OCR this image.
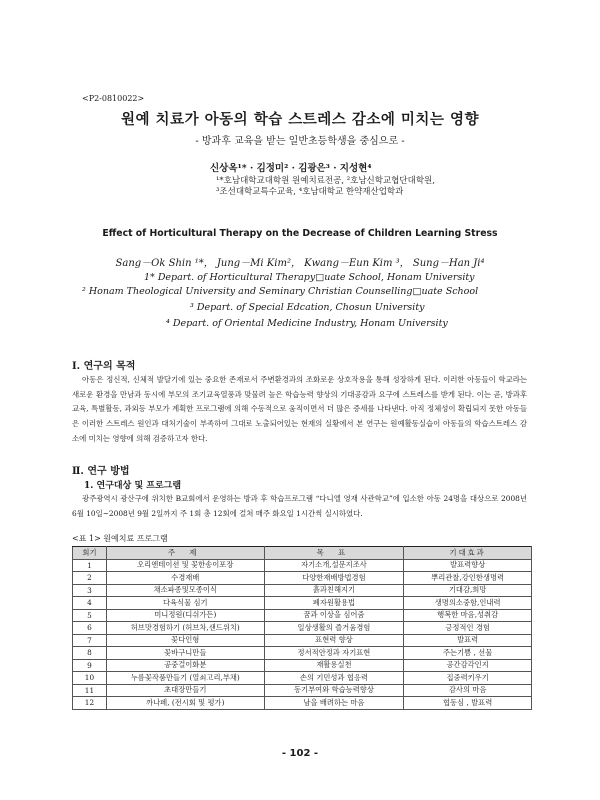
<P2-0810022>
원예 치료가 아동의 학습 스트레스 감소에 미치는 영향
- 방과후 교육을 받는 일반초등학생을 중심으로 -
신상옥¹* · 김정미² · 김광은³ · 지성현⁴
¹*호남대학교대학원 원예치료전공, ²호남신학교협단대학원,
³조선대학교특수교육, ⁴호남대학교 한약재산업학과
Effect of Horticultural Therapy on the Decrease of Children Learning Stress
Sang－Ok Shin ¹*， Jung－Mi Kim²， Kwang－Eun Kim ³， Sung－Han Ji⁴
1* Depart. of Horticultural Therapy□uate School, Honam University
² Honam Theological University and Seminary Christian Counselling□uate School
³ Depart. of Special Edcation, Chosun University
⁴ Depart. of Oriental Medicine Industry, Honam University
Ⅰ. 연구의 목적
아동은 정신적, 신체적 발달기에 있는 중요한 존재로서 주변환경과의 조화로운 상호작용을 통해 성장하게 된다. 이러한 아동들이 학교라는 새로운 환경을 만남과 동시에 부모의 조기교육열풍과 맞물려 높은 학습능력 향상의 기대공감과 요구에 스트레스를 받게 된다. 이는 곧, 방과후 교육, 특별활동, 과외등 부모가 계획한 프로그램에 의해 수동적으로 움직이면서 더 많은 증세를 나타낸다. 아직 정체성이 확립되지 못한 아동들은 이러한 스트레스 원인과 대처기술이 부족하여 그대로 노출되어있는 현재의 실황에서 본 연구는 원예활동실습이 아동들의 학습스트레스 감소에 미치는 영향에 의해 검증하고자 한다.
Ⅱ. 연구 방법
1. 연구대상 및 프로그램
광주광역시 광산구에 위치한 B교회에서 운영하는 방과 후 학습프로그램 “다니엘 영재 사관학교”에 입소한 아동 24명을 대상으로 2008년 6월 10일~2008년 9월 2일까지 주 1회 총 12회에 걸쳐 매주 화요일 1시간씩 실시하였다.
<표 1> 원예치료 프로그램
회기	주 제	목 표	기대효과
1	오리엔테이션 및 꽃한송이포장	자기소개,설문지조사	발표력향상
2	수경재배	다양한재배방법경험	뿌리관찰,강인한생명력
3	채소파종및모종이식	흙과친해지기	기대감,희망
4	다육식물 심기	폐자원활용법	생명의소중함,인내력
5	미니정원(디쉬가든)	꿈과 이상을 심어줌	행복한 마음,성취감
6	허브맛경험하기 (허브차,샌드위치)	일상생활의 즐거움경험	긍정적인 경험
7	꽃다인형	표현력 향상	발표력
8	꽃바구니만들	정서적안정과 자기표현	주는기쁨 , 선물
9	공중걸이화분	재활용실천	공간감각인지
10	누름꽃작품만들기 (열쇠고리,부채)	손의 기민성과 협응력	집중력키우기
11	초대장만들기	동기부여와 학습능력향상	감사의 마음
12	까나페, (전시회 및 평가)	남을 배려하는 마음	협동심 , 발표력
- 102 -
